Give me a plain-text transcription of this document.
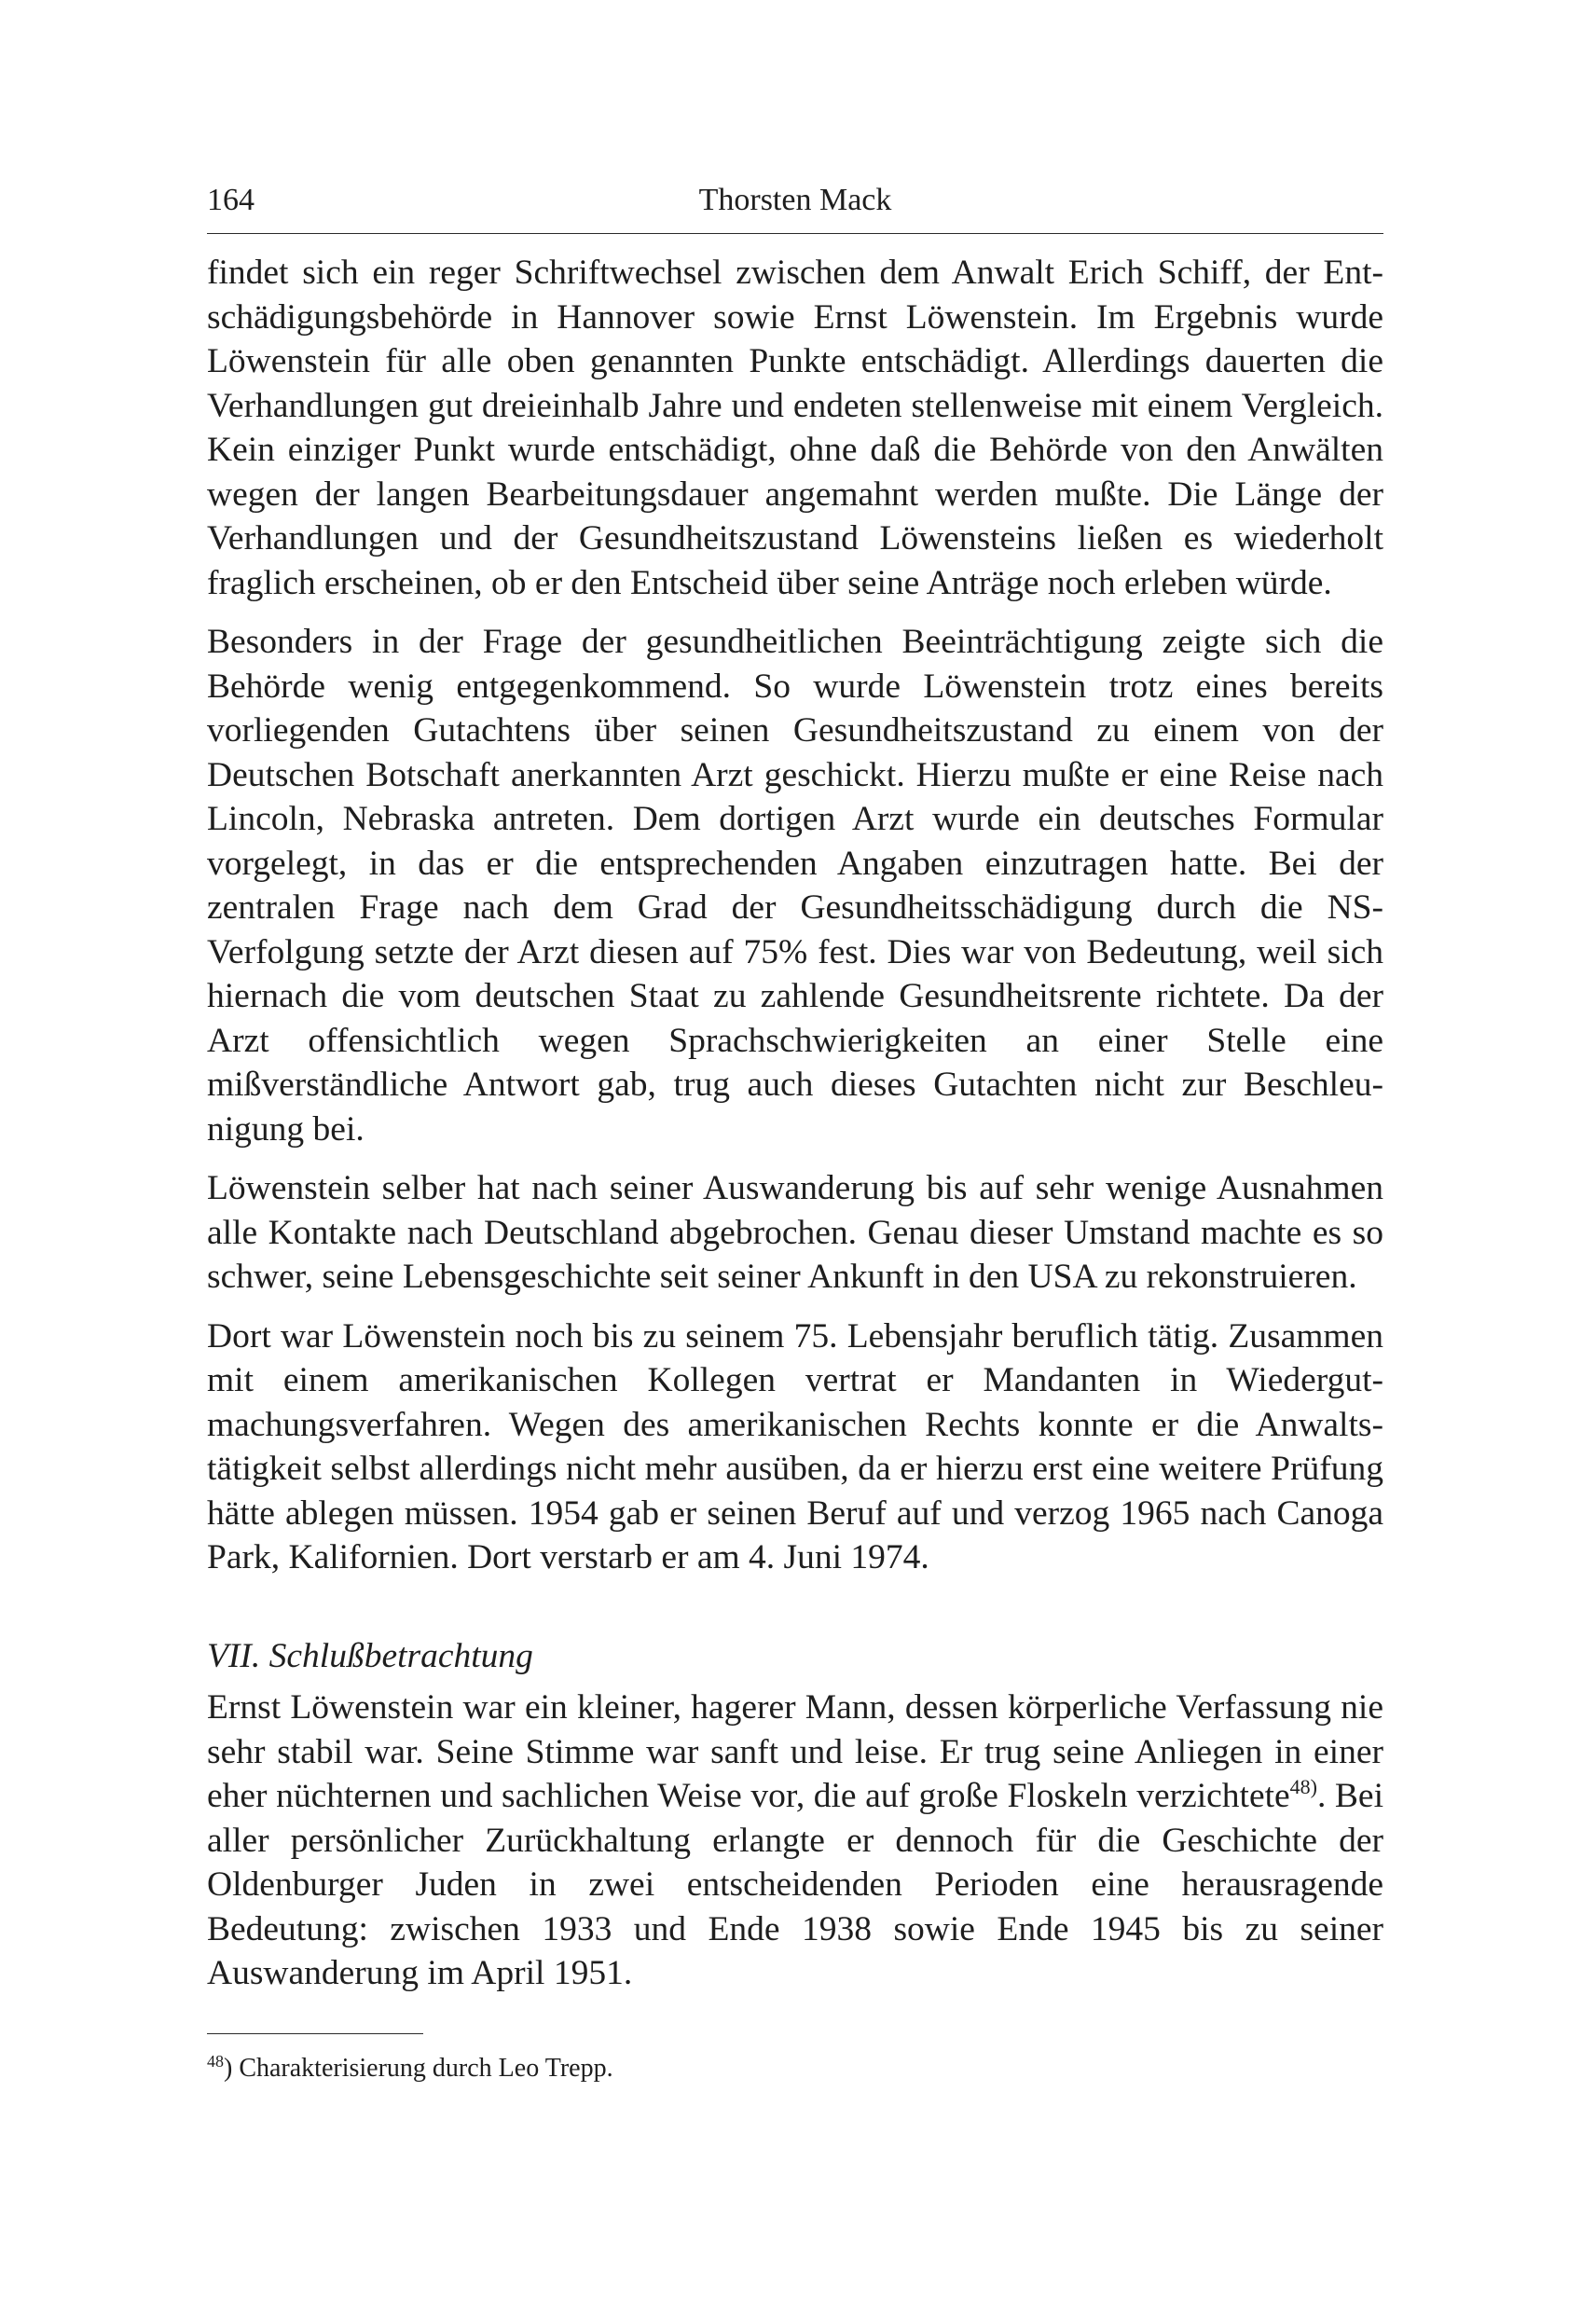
164	Thorsten Mack

findet sich ein reger Schriftwechsel zwischen dem Anwalt Erich Schiff, der Entschädigungsbehörde in Hannover sowie Ernst Löwenstein. Im Ergebnis wurde Löwenstein für alle oben genannten Punkte entschädigt. Allerdings dauerten die Verhandlungen gut dreieinhalb Jahre und endeten stellenweise mit einem Vergleich. Kein einziger Punkt wurde entschädigt, ohne daß die Behörde von den Anwälten wegen der langen Bearbeitungsdauer angemahnt werden mußte. Die Länge der Verhandlungen und der Gesundheitszustand Löwensteins ließen es wiederholt fraglich erscheinen, ob er den Entscheid über seine Anträge noch erleben würde.

Besonders in der Frage der gesundheitlichen Beeinträchtigung zeigte sich die Behörde wenig entgegenkommend. So wurde Löwenstein trotz eines bereits vorliegenden Gutachtens über seinen Gesundheitszustand zu einem von der Deutschen Botschaft anerkannten Arzt geschickt. Hierzu mußte er eine Reise nach Lincoln, Nebraska antreten. Dem dortigen Arzt wurde ein deutsches Formular vorgelegt, in das er die entsprechenden Angaben einzutragen hatte. Bei der zentralen Frage nach dem Grad der Gesundheitsschädigung durch die NS-Verfolgung setzte der Arzt diesen auf 75% fest. Dies war von Bedeutung, weil sich hiernach die vom deutschen Staat zu zahlende Gesundheitsrente richtete. Da der Arzt offensichtlich wegen Sprachschwierigkeiten an einer Stelle eine mißverständliche Antwort gab, trug auch dieses Gutachten nicht zur Beschleunigung bei.

Löwenstein selber hat nach seiner Auswanderung bis auf sehr wenige Ausnahmen alle Kontakte nach Deutschland abgebrochen. Genau dieser Umstand machte es so schwer, seine Lebensgeschichte seit seiner Ankunft in den USA zu rekonstruieren.

Dort war Löwenstein noch bis zu seinem 75. Lebensjahr beruflich tätig. Zusammen mit einem amerikanischen Kollegen vertrat er Mandanten in Wiedergutmachungsverfahren. Wegen des amerikanischen Rechts konnte er die Anwaltstätigkeit selbst allerdings nicht mehr ausüben, da er hierzu erst eine weitere Prüfung hätte ablegen müssen. 1954 gab er seinen Beruf auf und verzog 1965 nach Canoga Park, Kalifornien. Dort verstarb er am 4. Juni 1974.

VII. Schlußbetrachtung

Ernst Löwenstein war ein kleiner, hagerer Mann, dessen körperliche Verfassung nie sehr stabil war. Seine Stimme war sanft und leise. Er trug seine Anliegen in einer eher nüchternen und sachlichen Weise vor, die auf große Floskeln verzichtete$^{48)}$. Bei aller persönlicher Zurückhaltung erlangte er dennoch für die Geschichte der Oldenburger Juden in zwei entscheidenden Perioden eine herausragende Bedeutung: zwischen 1933 und Ende 1938 sowie Ende 1945 bis zu seiner Auswanderung im April 1951.

$^{48}$) Charakterisierung durch Leo Trepp.
